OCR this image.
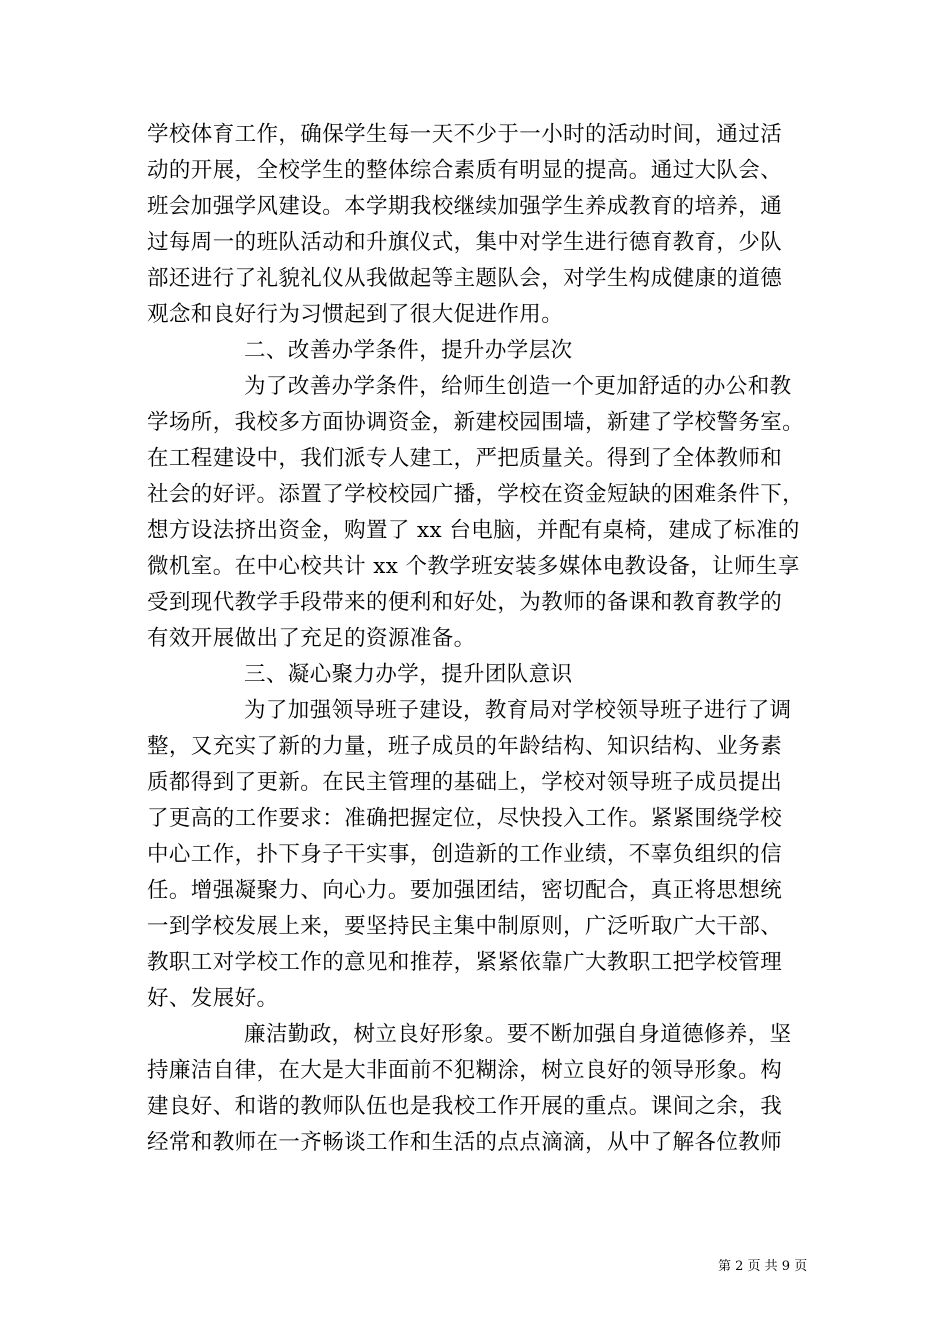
学校体育工作，确保学生每一天不少于一小时的活动时间，通过活
动的开展，全校学生的整体综合素质有明显的提高。通过大队会、
班会加强学风建设。本学期我校继续加强学生养成教育的培养，通
过每周一的班队活动和升旗仪式，集中对学生进行德育教育，少队
部还进行了礼貌礼仪从我做起等主题队会，对学生构成健康的道德
观念和良好行为习惯起到了很大促进作用。
二、改善办学条件，提升办学层次
为了改善办学条件，给师生创造一个更加舒适的办公和教
学场所，我校多方面协调资金，新建校园围墙，新建了学校警务室。
在工程建设中，我们派专人建工，严把质量关。得到了全体教师和
社会的好评。添置了学校校园广播，学校在资金短缺的困难条件下，
想方设法挤出资金，购置了 xx 台电脑，并配有桌椅，建成了标准的
微机室。在中心校共计 xx 个教学班安装多媒体电教设备，让师生享
受到现代教学手段带来的便利和好处，为教师的备课和教育教学的
有效开展做出了充足的资源准备。
三、凝心聚力办学，提升团队意识
为了加强领导班子建设，教育局对学校领导班子进行了调
整，又充实了新的力量，班子成员的年龄结构、知识结构、业务素
质都得到了更新。在民主管理的基础上，学校对领导班子成员提出
了更高的工作要求：准确把握定位，尽快投入工作。紧紧围绕学校
中心工作，扑下身子干实事，创造新的工作业绩，不辜负组织的信
任。增强凝聚力、向心力。要加强团结，密切配合，真正将思想统
一到学校发展上来，要坚持民主集中制原则，广泛听取广大干部、
教职工对学校工作的意见和推荐，紧紧依靠广大教职工把学校管理
好、发展好。
廉洁勤政，树立良好形象。要不断加强自身道德修养，坚
持廉洁自律，在大是大非面前不犯糊涂，树立良好的领导形象。构
建良好、和谐的教师队伍也是我校工作开展的重点。课间之余，我
经常和教师在一齐畅谈工作和生活的点点滴滴，从中了解各位教师
第 2 页 共 9 页
